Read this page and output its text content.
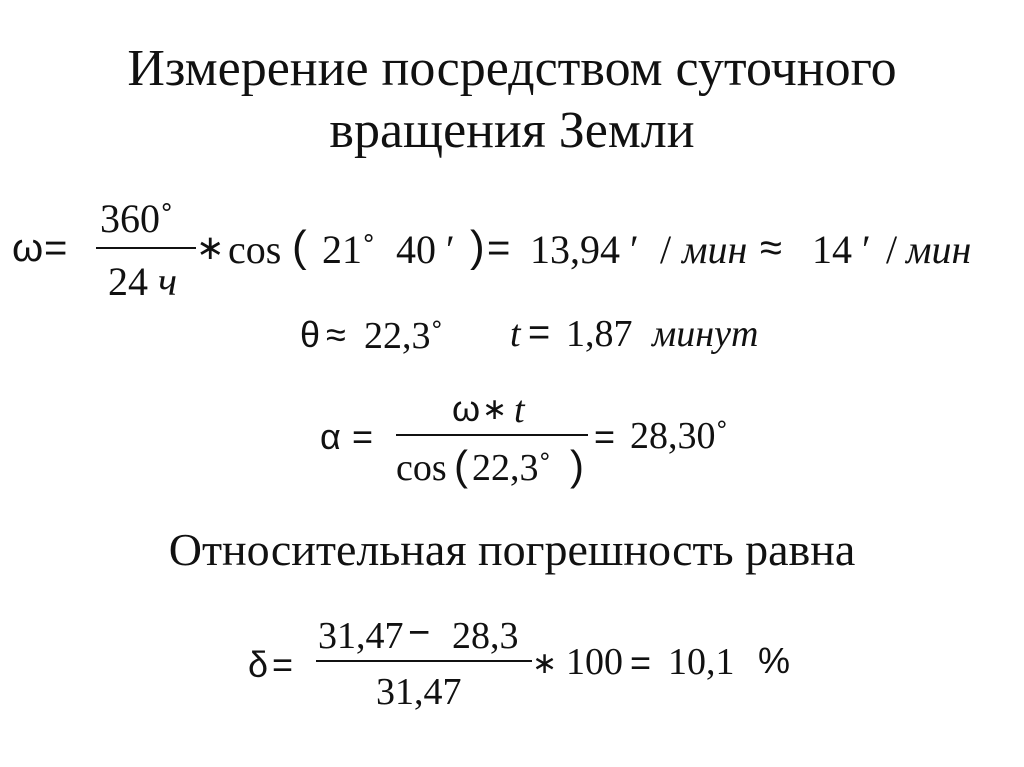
Измерение посредством суточного
вращения Земли
ω =
360˚
24 ч
∗ cos ( 21˚ 40 ′ ) = 13,94 ′ / мин ≈ 14 ′ / мин
θ ≈ 22,3˚ t = 1,87 минут
α =
ω ∗ t
cos ( 22,3˚ )
= 28,30˚
Относительная погрешность равна
δ =
31,47 − 28,3
31,47
∗ 100 = 10,1 %
